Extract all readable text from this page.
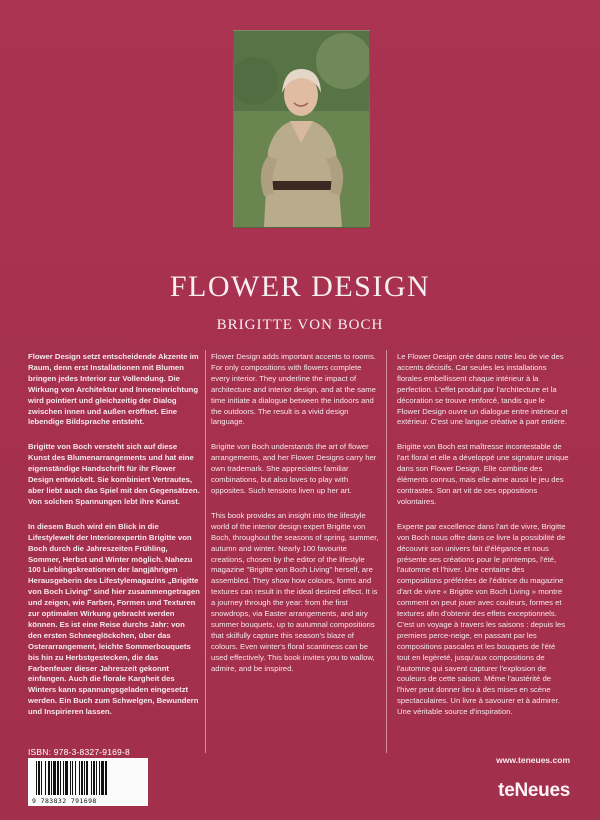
FLOWER DESIGN
BRIGITTE VON BOCH

Flower Design setzt entscheidende Akzente im Raum, denn erst Installationen mit Blumen bringen jedes Interior zur Vollendung. Die Wirkung von Architektur und Inneneinrichtung wird pointiert und gleichzeitig der Dialog zwischen innen und außen eröffnet. Eine lebendige Bildsprache entsteht.

Brigitte von Boch versteht sich auf diese Kunst des Blumenarrangements und hat eine eigenständige Handschrift für ihr Flower Design entwickelt. Sie kombiniert Vertrautes, aber liebt auch das Spiel mit den Gegensätzen. Von solchen Spannungen lebt ihre Kunst.

In diesem Buch wird ein Blick in die Lifestylewelt der Interiorexpertin Brigitte von Boch durch die Jahreszeiten Frühling, Sommer, Herbst und Winter möglich. Nahezu 100 Lieblingskreationen der langjährigen Herausgeberin des Lifestylemagazins „Brigitte von Boch Living" sind hier zusammengetragen und zeigen, wie Farben, Formen und Texturen zur optimalen Wirkung gebracht werden können. Es ist eine Reise durchs Jahr: von den ersten Schneeglöckchen, über das Osterarrangement, leichte Sommerbouquets bis hin zu Herbstgestecken, die das Farbenfeuer dieser Jahreszeit gekonnt einfangen. Auch die florale Kargheit des Winters kann spannungsgeladen eingesetzt werden. Ein Buch zum Schwelgen, Bewundern und Inspirieren lassen.

Flower Design adds important accents to rooms. For only compositions with flowers complete every interior. They underline the impact of architecture and interior design, and at the same time initiate a dialogue between the indoors and the outdoors. The result is a vivid design language.

Brigitte von Boch understands the art of flower arrangements, and her Flower Designs carry her own trademark. She appreciates familiar combinations, but also loves to play with opposites. Such tensions liven up her art.

This book provides an insight into the lifestyle world of the interior design expert Brigitte von Boch, throughout the seasons of spring, summer, autumn and winter. Nearly 100 favourite creations, chosen by the editor of the lifestyle magazine "Brigitte von Boch Living" herself, are assembled. They show how colours, forms and textures can result in the ideal desired effect. It is a journey through the year: from the first snowdrops, via Easter arrangements, and airy summer bouquets, up to autumnal compositions that skilfully capture this season's blaze of colours. Even winter's floral scantiness can be used effectively. This book invites you to wallow, admire, and be inspired.

Le Flower Design crée dans notre lieu de vie des accents décisifs. Car seules les installations florales embellissent chaque intérieur à la perfection. L'effet produit par l'architecture et la décoration se trouve renforcé, tandis que le Flower Design ouvre un dialogue entre intérieur et extérieur. C'est une langue créative à part entière.

Brigitte von Boch est maîtresse incontestable de l'art floral et elle a développé une signature unique dans son Flower Design. Elle combine des éléments connus, mais elle aime aussi le jeu des contrastes. Son art vit de ces oppositions volontaires.

Experte par excellence dans l'art de vivre, Brigitte von Boch nous offre dans ce livre la possibilité de découvrir son univers fait d'élégance et nous présente ses créations pour le printemps, l'été, l'automne et l'hiver. Une centaine des compositions préférées de l'éditrice du magazine d'art de vivre « Brigitte von Boch Living » montre comment on peut jouer avec couleurs, formes et textures afin d'obtenir des effets exceptionnels. C'est un voyage à travers les saisons : depuis les premiers perce-neige, en passant par les compositions pascales et les bouquets de l'été tout en legèreté, jusqu'aux compositions de l'automne qui savent capturer l'explosion de couleurs de cette saison. Même l'austérité de l'hiver peut donner lieu à des mises en scène spectaculaires. Un livre à savourer et à admirer. Une véritable source d'inspiration.

ISBN: 978-3-8327-9169-8
9 783832 791698
www.teneues.com
teNeues
